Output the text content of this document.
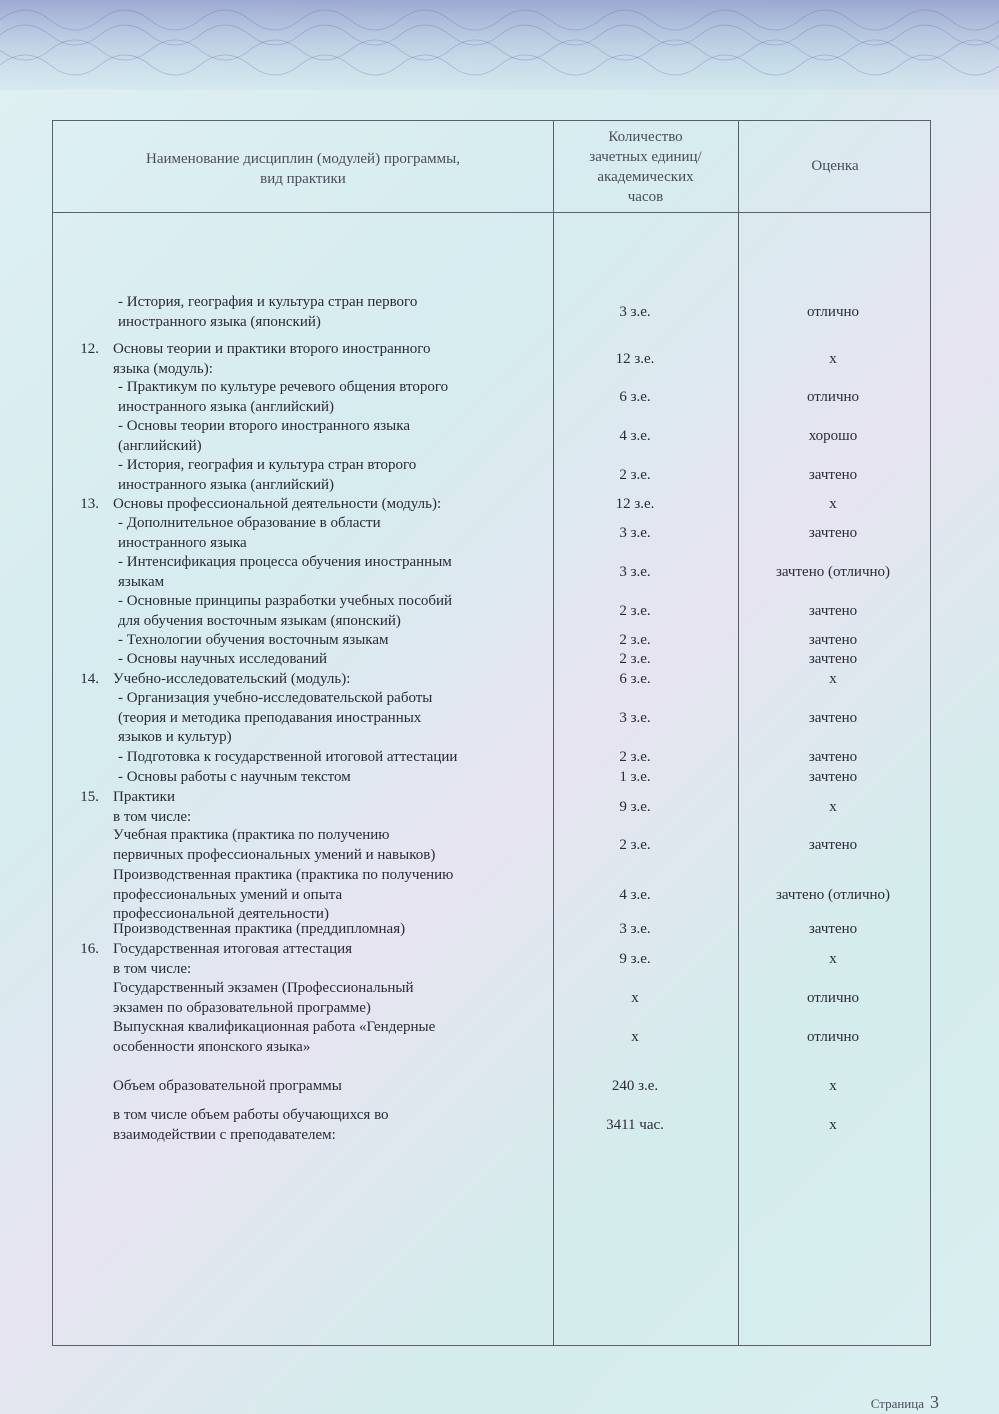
Наименование дисциплин (модулей) программы,
вид практики
Количество
зачетных единиц/
академических
часов
Оценка
- История, география и культура стран первого
иностранного языка (японский)
3 з.е.	отлично
12. Основы теории и практики второго иностранного
языка (модуль):
12 з.е.	х
- Практикум по культуре речевого общения второго
иностранного языка (английский)
6 з.е.	отлично
- Основы теории второго иностранного языка
(английский)
4 з.е.	хорошо
- История, география и культура стран второго
иностранного языка (английский)
2 з.е.	зачтено
13. Основы профессиональной деятельности (модуль):	12 з.е.	х
- Дополнительное образование в области
иностранного языка
3 з.е.	зачтено
- Интенсификация процесса обучения иностранным
языкам
3 з.е.	зачтено (отлично)
- Основные принципы разработки учебных пособий
для обучения восточным языкам (японский)
2 з.е.	зачтено
- Технологии обучения восточным языкам	2 з.е.	зачтено
- Основы научных исследований	2 з.е.	зачтено
14. Учебно-исследовательский (модуль):	6 з.е.	х
- Организация учебно-исследовательской работы
(теория и методика преподавания иностранных
языков и культур)
3 з.е.	зачтено
- Подготовка к государственной итоговой аттестации	2 з.е.	зачтено
- Основы работы с научным текстом	1 з.е.	зачтено
15. Практики
в том числе:
9 з.е.	х
Учебная практика (практика по получению
первичных профессиональных умений и навыков)
2 з.е.	зачтено
Производственная практика (практика по получению
профессиональных умений и опыта
профессиональной деятельности)
4 з.е.	зачтено (отлично)
Производственная практика (преддипломная)	3 з.е.	зачтено
16. Государственная итоговая аттестация
в том числе:
9 з.е.	х
Государственный экзамен (Профессиональный
экзамен по образовательной программе)
х	отлично
Выпускная квалификационная работа «Гендерные
особенности японского языка»
х	отлично
Объем образовательной программы	240 з.е.	х
в том числе объем работы обучающихся во
взаимодействии с преподавателем:
3411 час.	х
Страница 3
